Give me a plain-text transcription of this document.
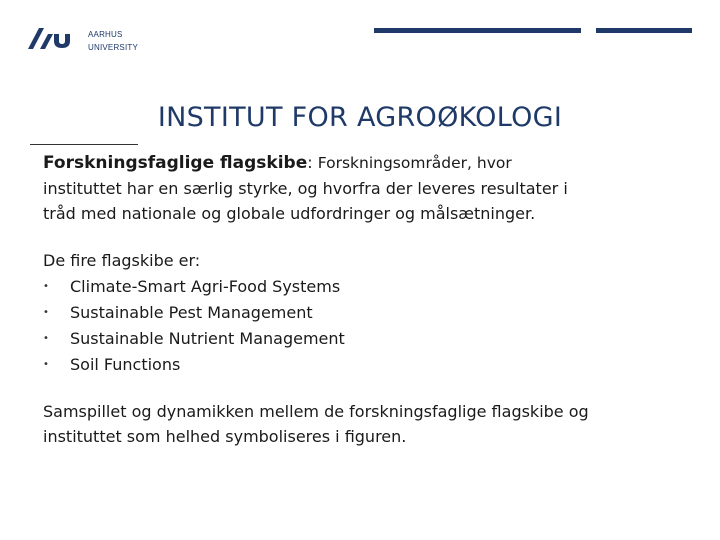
AARHUS
UNIVERSITY
INSTITUT FOR AGROØKOLOGI

Forskningsfaglige flagskibe: Forskningsområder, hvor

instituttet har en særlig styrke, og hvorfra der leveres resultater i

tråd med nationale og globale udfordringer og målsætninger.

De fire flagskibe er:

•	Climate-Smart Agri-Food Systems
•	Sustainable Pest Management
•	Sustainable Nutrient Management
•	Soil Functions

Samspillet og dynamikken mellem de forskningsfaglige flagskibe og

instituttet som helhed symboliseres i figuren.
